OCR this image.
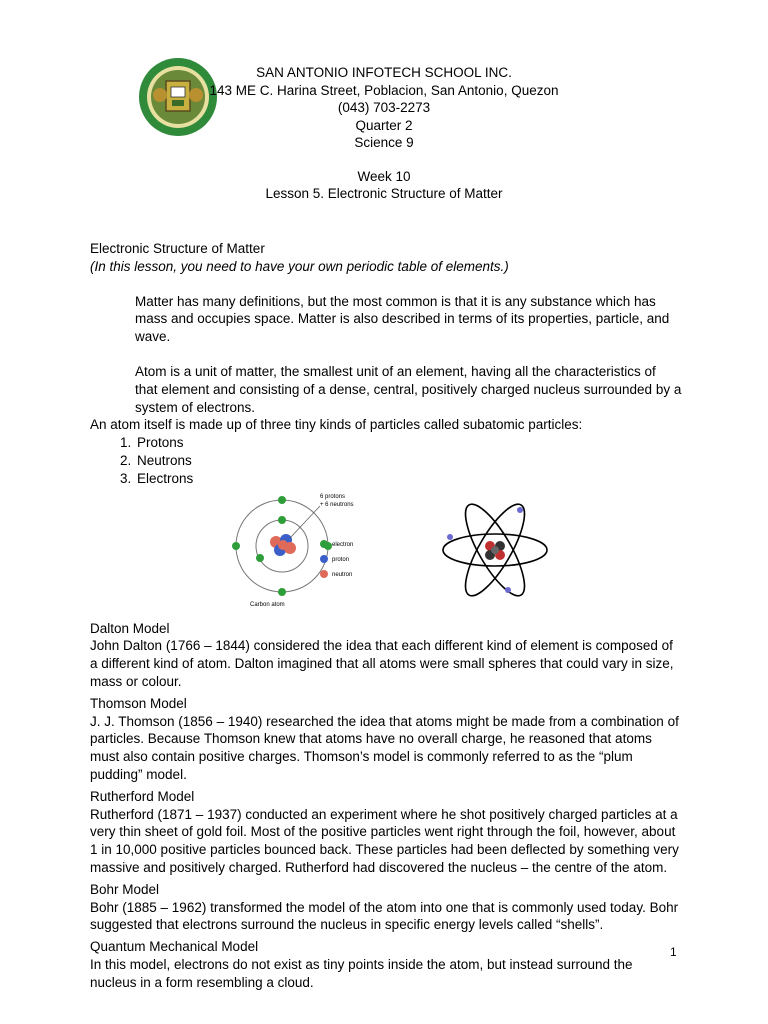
SAN ANTONIO INFOTECH SCHOOL INC.
143 ME C. Harina Street, Poblacion, San Antonio, Quezon
(043) 703-2273
Quarter 2
Science 9
Week 10
Lesson 5. Electronic Structure of Matter
Electronic Structure of Matter
(In this lesson, you need to have your own periodic table of elements.)

Matter has many definitions, but the most common is that it is any substance which has mass and occupies space. Matter is also described in terms of its properties, particle, and wave.

Atom is a unit of matter, the smallest unit of an element, having all the characteristics of that element and consisting of a dense, central, positively charged nucleus surrounded by a system of electrons.

An atom itself is made up of three tiny kinds of particles called subatomic particles:

1. Protons
2. Neutrons
3. Electrons
6 protons
+ 6 neutrons
electron
proton
neutron
Carbon atom
Dalton Model

John Dalton (1766 – 1844) considered the idea that each different kind of element is composed of a different kind of atom. Dalton imagined that all atoms were small spheres that could vary in size, mass or colour.

Thomson Model

J. J. Thomson (1856 – 1940) researched the idea that atoms might be made from a combination of particles. Because Thomson knew that atoms have no overall charge, he reasoned that atoms must also contain positive charges. Thomson’s model is commonly referred to as the “plum pudding” model.

Rutherford Model

Rutherford (1871 – 1937) conducted an experiment where he shot positively charged particles at a very thin sheet of gold foil. Most of the positive particles went right through the foil, however, about 1 in 10,000 positive particles bounced back. These particles had been deflected by something very massive and positively charged. Rutherford had discovered the nucleus – the centre of the atom.

Bohr Model

Bohr (1885 – 1962) transformed the model of the atom into one that is commonly used today. Bohr suggested that electrons surround the nucleus in specific energy levels called “shells”.

Quantum Mechanical Model

In this model, electrons do not exist as tiny points inside the atom, but instead surround the nucleus in a form resembling a cloud.

1
